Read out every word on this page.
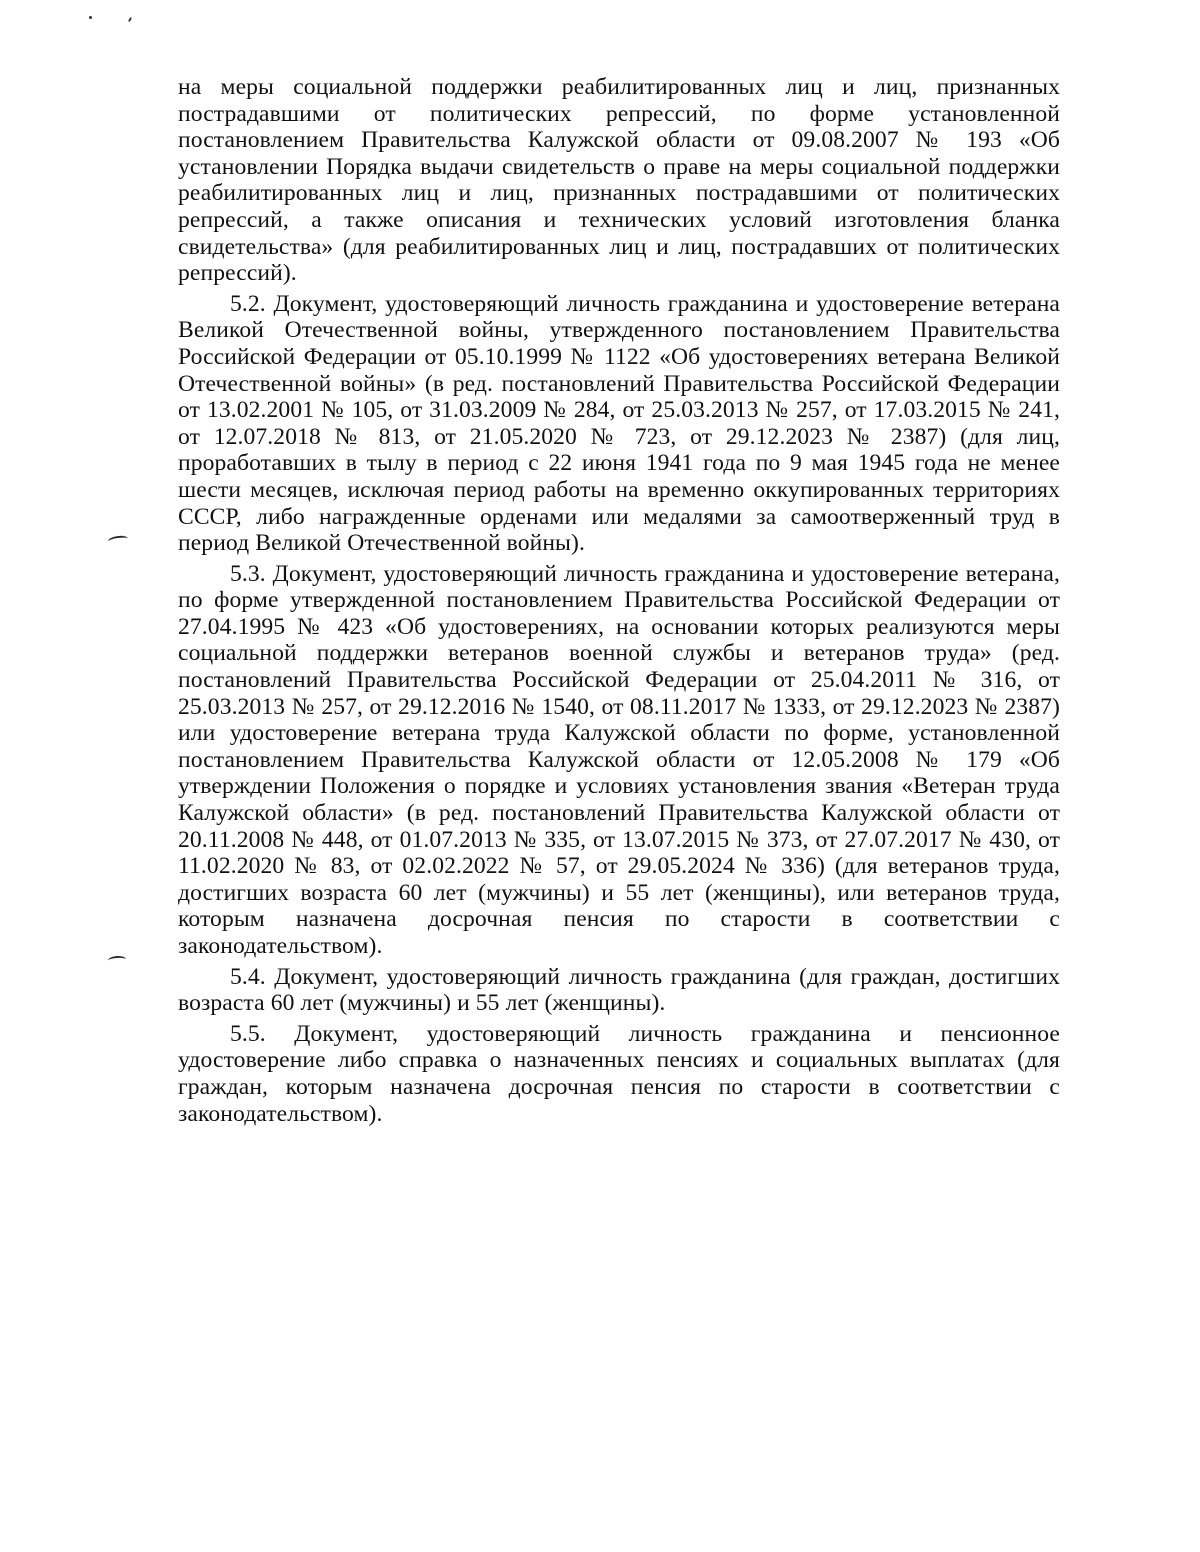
на меры социальной поддержки реабилитированных лиц и лиц, признанных пострадавшими от политических репрессий, по форме установленной постановлением Правительства Калужской области от 09.08.2007 № 193 «Об установлении Порядка выдачи свидетельств о праве на меры социальной поддержки реабилитированных лиц и лиц, признанных пострадавшими от политических репрессий, а также описания и технических условий изготовления бланка свидетельства» (для реабилитированных лиц и лиц, пострадавших от политических репрессий).

5.2. Документ, удостоверяющий личность гражданина и удостоверение ветерана Великой Отечественной войны, утвержденного постановлением Правительства Российской Федерации от 05.10.1999 № 1122 «Об удостоверениях ветерана Великой Отечественной войны» (в ред. постановлений Правительства Российской Федерации от 13.02.2001 № 105, от 31.03.2009 № 284, от 25.03.2013 № 257, от 17.03.2015 № 241, от 12.07.2018 № 813, от 21.05.2020 № 723, от 29.12.2023 № 2387) (для лиц, проработавших в тылу в период с 22 июня 1941 года по 9 мая 1945 года не менее шести месяцев, исключая период работы на временно оккупированных территориях СССР, либо награжденные орденами или медалями за самоотверженный труд в период Великой Отечественной войны).

5.3. Документ, удостоверяющий личность гражданина и удостоверение ветерана, по форме утвержденной постановлением Правительства Российской Федерации от 27.04.1995 № 423 «Об удостоверениях, на основании которых реализуются меры социальной поддержки ветеранов военной службы и ветеранов труда» (ред. постановлений Правительства Российской Федерации от 25.04.2011 № 316, от 25.03.2013 № 257, от 29.12.2016 № 1540, от 08.11.2017 № 1333, от 29.12.2023 № 2387) или удостоверение ветерана труда Калужской области по форме, установленной постановлением Правительства Калужской области от 12.05.2008 № 179 «Об утверждении Положения о порядке и условиях установления звания «Ветеран труда Калужской области» (в ред. постановлений Правительства Калужской области от 20.11.2008 № 448, от 01.07.2013 № 335, от 13.07.2015 № 373, от 27.07.2017 № 430, от 11.02.2020 № 83, от 02.02.2022 № 57, от 29.05.2024 № 336) (для ветеранов труда, достигших возраста 60 лет (мужчины) и 55 лет (женщины), или ветеранов труда, которым назначена досрочная пенсия по старости в соответствии с законодательством).

5.4. Документ, удостоверяющий личность гражданина (для граждан, достигших возраста 60 лет (мужчины) и 55 лет (женщины).

5.5. Документ, удостоверяющий личность гражданина и пенсионное удостоверение либо справка о назначенных пенсиях и социальных выплатах (для граждан, которым назначена досрочная пенсия по старости в соответствии с законодательством).
